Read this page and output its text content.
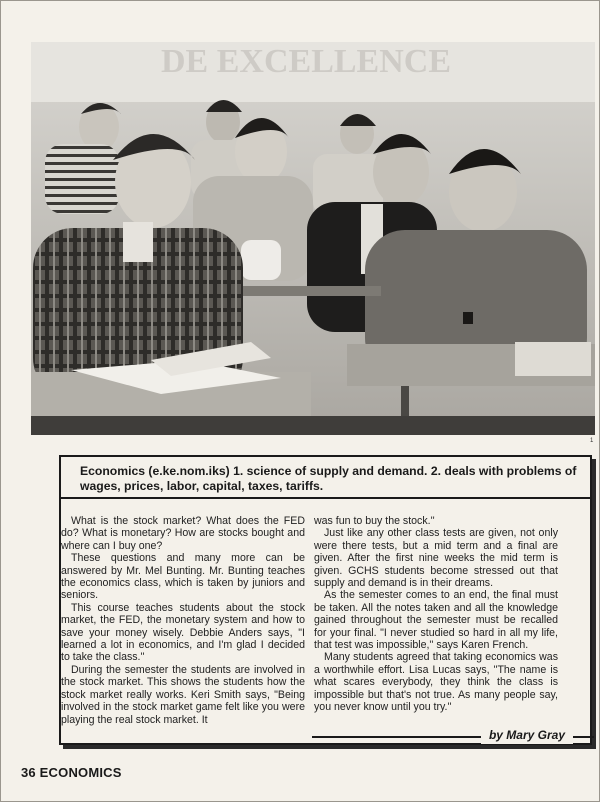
DE EXCELLENCE
1
Economics (e.ke.nom.iks) 1. science of supply and demand. 2. deals with problems of wages, prices, labor, capital, taxes, tariffs.

What is the stock market? What does the FED do? What is monetary? How are stocks bought and where can I buy one?

These questions and many more can be answered by Mr. Mel Bunting. Mr. Bunting teaches the economics class, which is taken by juniors and seniors.

This course teaches students about the stock market, the FED, the monetary system and how to save your money wisely. Debbie Anders says, "I learned a lot in economics, and I'm glad I decided to take the class.''

During the semester the students are involved in the stock market. This shows the students how the stock market really works. Keri Smith says, "Being involved in the stock market game felt like you were playing the real stock market. It

was fun to buy the stock.''

Just like any other class tests are given, not only were there tests, but a mid term and a final are given. After the first nine weeks the mid term is given. GCHS students become stressed out that supply and demand is in their dreams.

As the semester comes to an end, the final must be taken. All the notes taken and all the knowledge gained throughout the semester must be recalled for your final. "I never studied so hard in all my life, that test was impossible,'' says Karen French.

Many students agreed that taking economics was a worthwhile effort. Lisa Lucas says, "The name is what scares everybody, they think the class is impossible but that's not true. As many people say, you never know until you try.''

by Mary Gray
36 ECONOMICS
